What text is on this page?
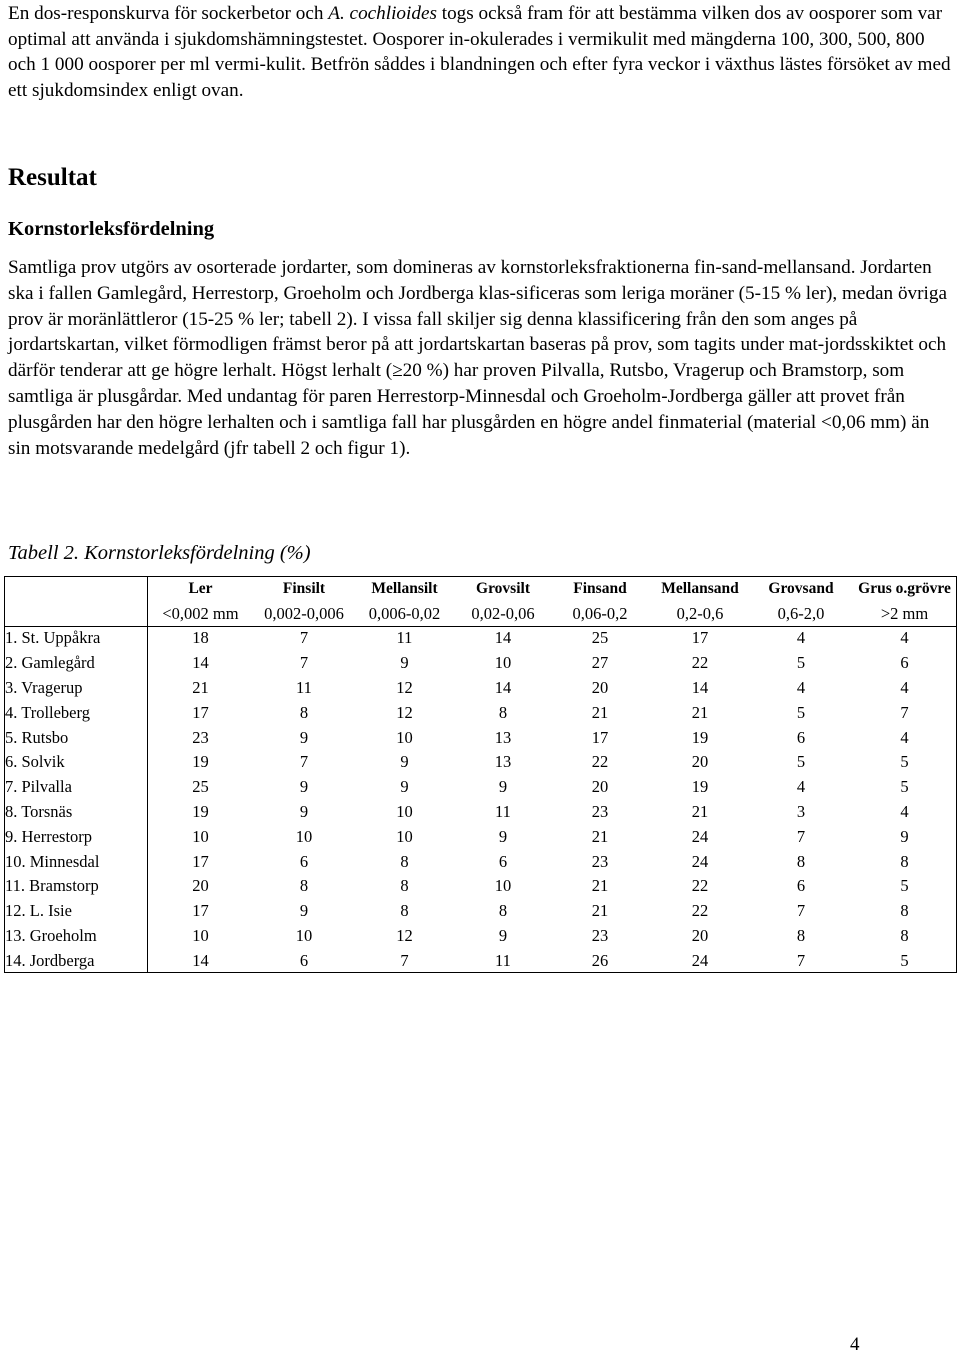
En dos-responskurva för sockerbetor och A. cochlioides togs också fram för att bestämma vilken dos av oosporer som var optimal att använda i sjukdomshämningstestet. Oosporer in-okulerades i vermikulit med mängderna 100, 300, 500, 800 och 1 000 oosporer per ml vermi-kulit. Betfrön såddes i blandningen och efter fyra veckor i växthus lästes försöket av med ett sjukdomsindex enligt ovan.

Resultat
Kornstorleksfördelning

Samtliga prov utgörs av osorterade jordarter, som domineras av kornstorleksfraktionerna fin-sand-mellansand. Jordarten ska i fallen Gamlegård, Herrestorp, Groeholm och Jordberga klas-sificeras som leriga moräner (5-15 % ler), medan övriga prov är moränlättleror (15-25 % ler; tabell 2). I vissa fall skiljer sig denna klassificering från den som anges på jordartskartan, vilket förmodligen främst beror på att jordartskartan baseras på prov, som tagits under mat-jordsskiktet och därför tenderar att ge högre lerhalt. Högst lerhalt (≥20 %) har proven Pilvalla, Rutsbo, Vragerup och Bramstorp, som samtliga är plusgårdar. Med undantag för paren Herrestorp-Minnesdal och Groeholm-Jordberga gäller att provet från plusgården har den högre lerhalten och i samtliga fall har plusgården en högre andel finmaterial (material <0,06 mm) än sin motsvarande medelgård (jfr tabell 2 och figur 1).

Tabell 2. Kornstorleksfördelning (%)

	Ler	Finsilt	Mellansilt	Grovsilt	Finsand	Mellansand	Grovsand	Grus o.grövre
	<0,002 mm	0,002-0,006	0,006-0,02	0,02-0,06	0,06-0,2	0,2-0,6	0,6-2,0	>2 mm
1. St. Uppåkra	18	7	11	14	25	17	4	4
2. Gamlegård	14	7	9	10	27	22	5	6
3. Vragerup	21	11	12	14	20	14	4	4
4. Trolleberg	17	8	12	8	21	21	5	7
5. Rutsbo	23	9	10	13	17	19	6	4
6. Solvik	19	7	9	13	22	20	5	5
7. Pilvalla	25	9	9	9	20	19	4	5
8. Torsnäs	19	9	10	11	23	21	3	4
9. Herrestorp	10	10	10	9	21	24	7	9
10. Minnesdal	17	6	8	6	23	24	8	8
11. Bramstorp	20	8	8	10	21	22	6	5
12. L. Isie	17	9	8	8	21	22	7	8
13. Groeholm	10	10	12	9	23	20	8	8
14. Jordberga	14	6	7	11	26	24	7	5
4
